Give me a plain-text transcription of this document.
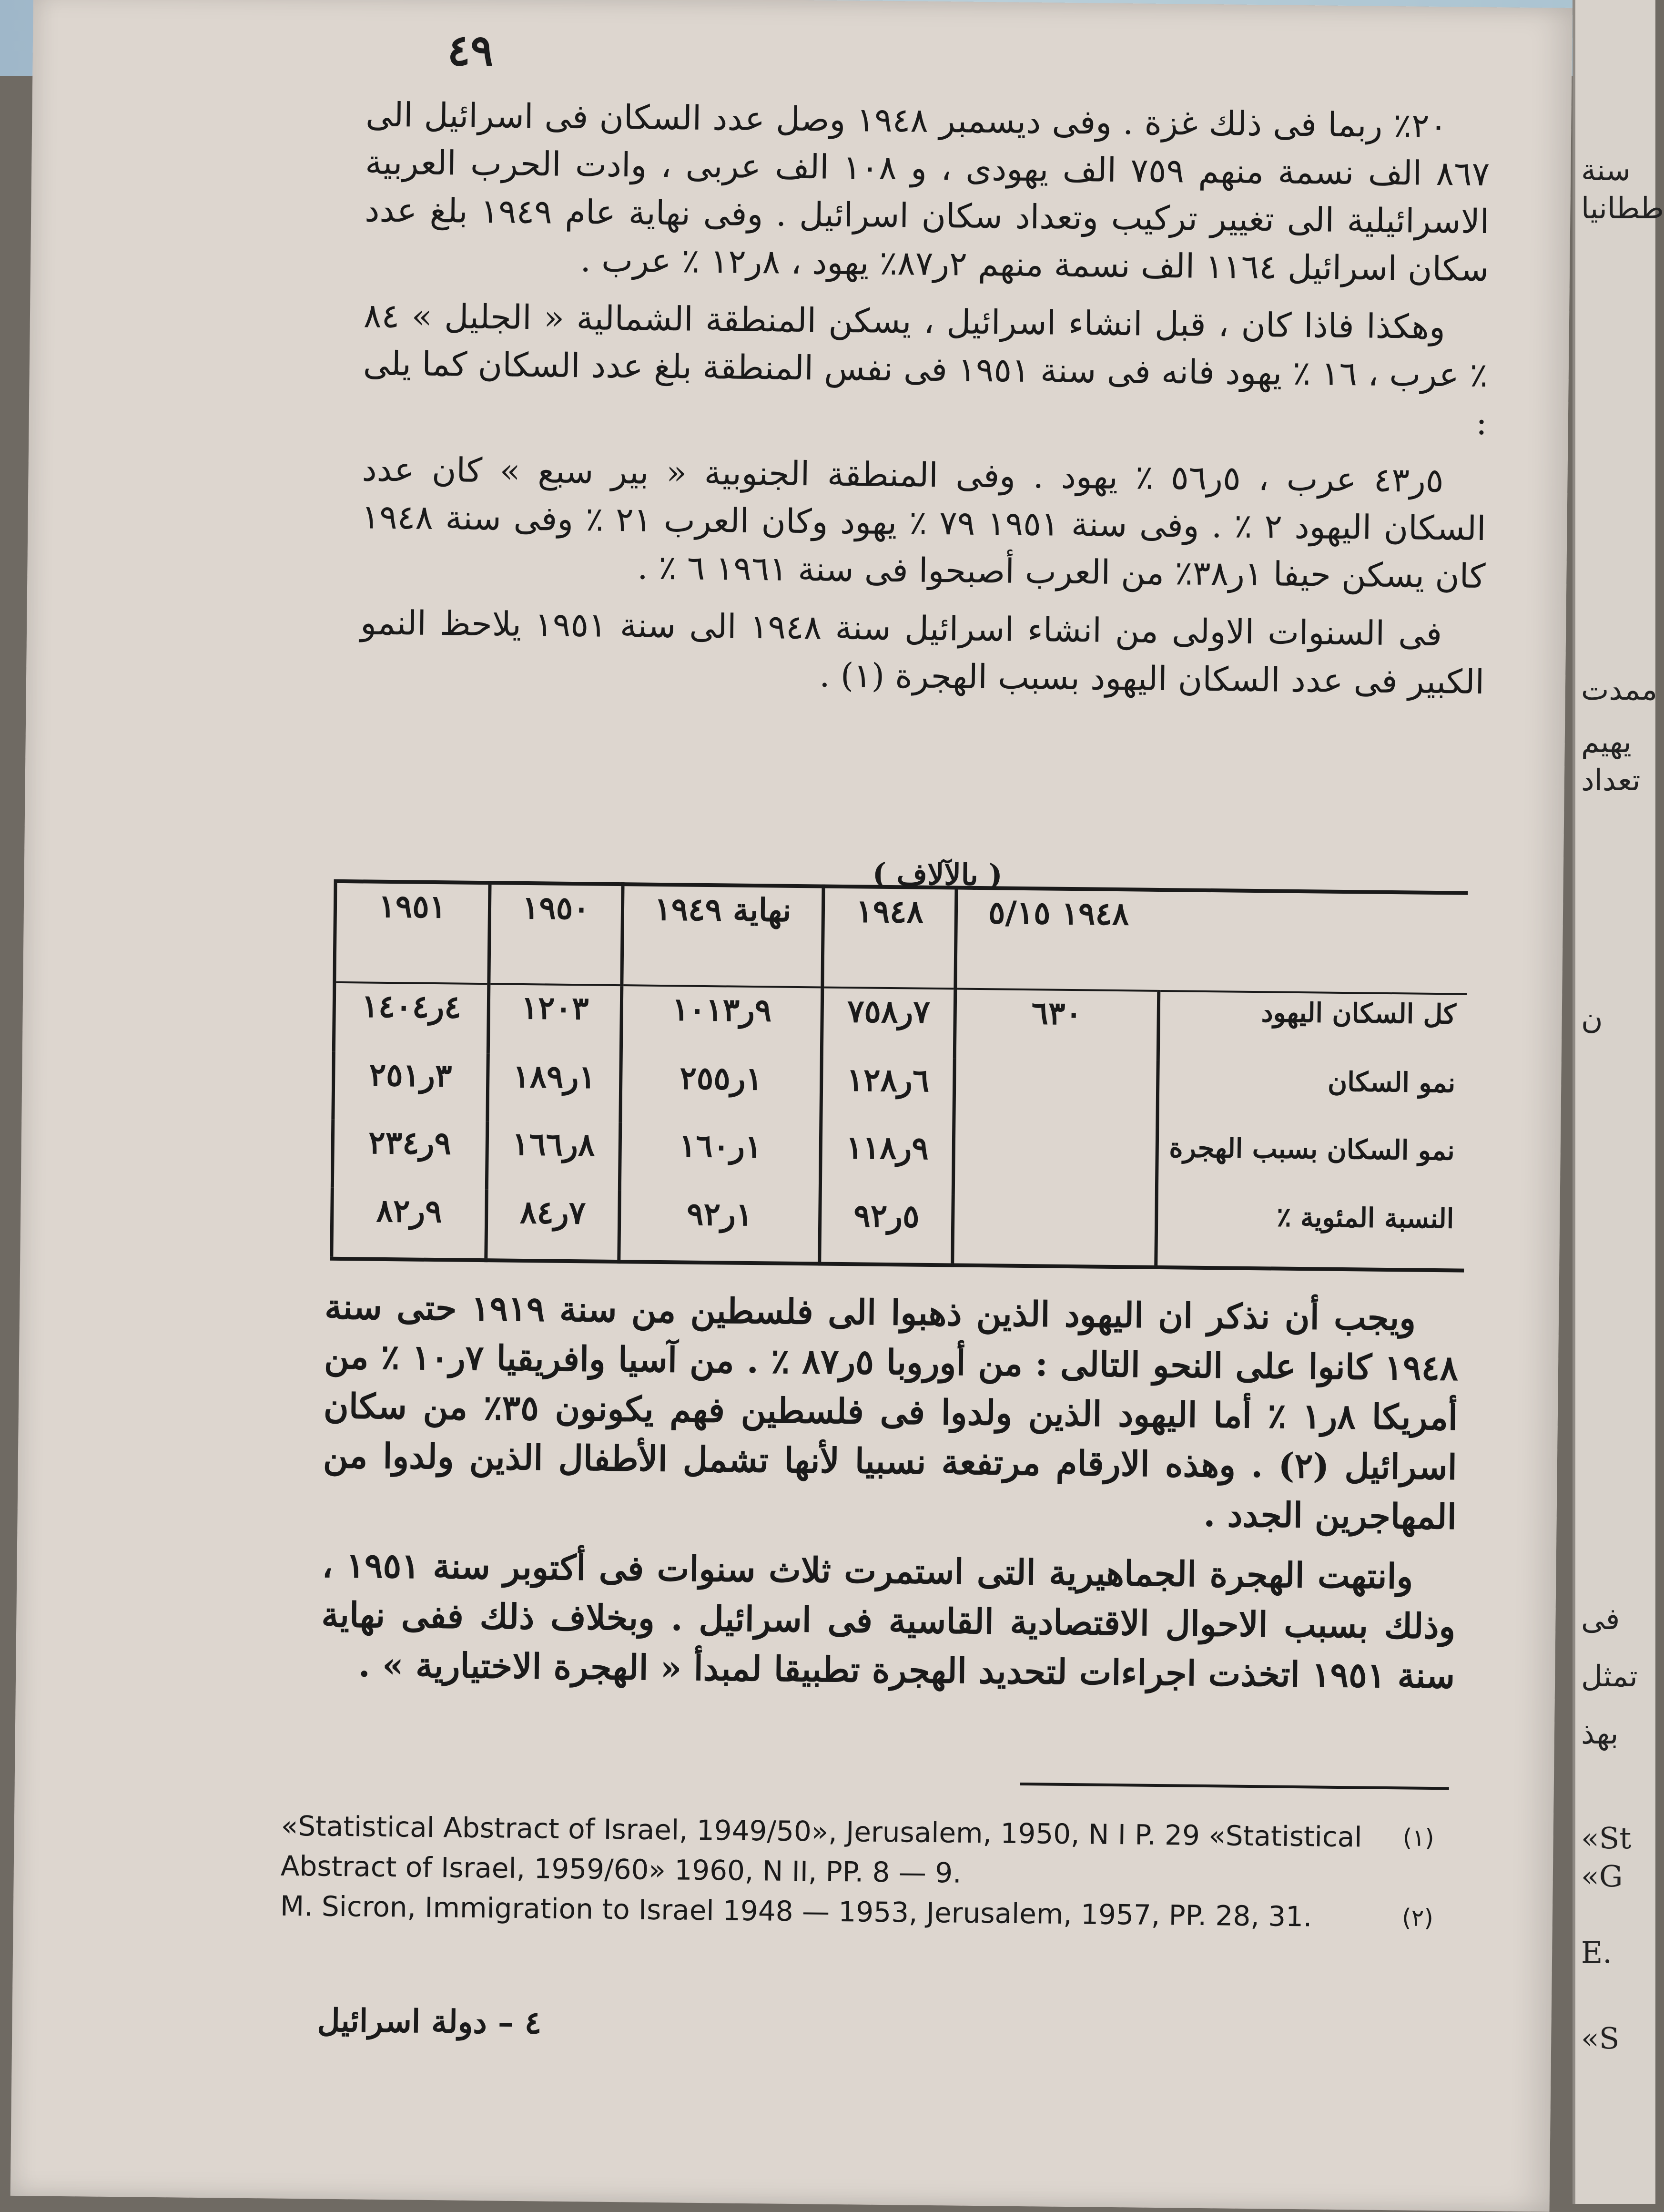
٤٩

٢٠٪ ربما فى ذلك غزة . وفى ديسمبر ١٩٤٨ وصل عدد السكان فى اسرائيل الى ٨٦٧ الف نسمة منهم ٧٥٩ الف يهودى ، و ١٠٨ الف عربى ، وادت الحرب العربية الاسرائيلية الى تغيير تركيب وتعداد سكان اسرائيل . وفى نهاية عام ١٩٤٩ بلغ عدد سكان اسرائيل ١١٦٤ الف نسمة منهم ٢ر٨٧٪ يهود ، ٨ر١٢ ٪ عرب .

وهكذا فاذا كان ، قبل انشاء اسرائيل ، يسكن المنطقة الشمالية « الجليل » ٨٤ ٪ عرب ، ١٦ ٪ يهود فانه فى سنة ١٩٥١ فى نفس المنطقة بلغ عدد السكان كما يلى :

٥ر٤٣ عرب ، ٥ر٥٦ ٪ يهود . وفى المنطقة الجنوبية « بير سبع » كان عدد السكان اليهود ٢ ٪ . وفى سنة ١٩٥١ ٧٩ ٪ يهود وكان العرب ٢١ ٪ وفى سنة ١٩٤٨ كان يسكن حيفا ١ر٣٨٪ من العرب أصبحوا فى سنة ١٩٦١ ٦ ٪ .

فى السنوات الاولى من انشاء اسرائيل سنة ١٩٤٨ الى سنة ١٩٥١ يلاحظ النمو الكبير فى عدد السكان اليهود بسبب الهجرة (١) .

( بالآلاف )
	١٩٤٨ ٥/١٥	١٩٤٨	نهاية ١٩٤٩	١٩٥٠	١٩٥١
كل السكان اليهود	٦٣٠	٧ر٧٥٨	٩ر١٠١٣	١٢٠٣	٤ر١٤٠٤
نمو السكان		٦ر١٢٨	١ر٢٥٥	١ر١٨٩	٣ر٢٥١
نمو السكان بسبب الهجرة		٩ر١١٨	١ر١٦٠	٨ر١٦٦	٩ر٢٣٤
النسبة المئوية ٪		٥ر٩٢	١ر٩٢	٧ر٨٤	٩ر٨٢

ويجب أن نذكر ان اليهود الذين ذهبوا الى فلسطين من سنة ١٩١٩ حتى سنة ١٩٤٨ كانوا على النحو التالى : من أوروبا ٥ر٨٧ ٪ . من آسيا وافريقيا ٧ر١٠ ٪ من أمريكا ٨ر١ ٪ أما اليهود الذين ولدوا فى فلسطين فهم يكونون ٣٥٪ من سكان اسرائيل (٢) . وهذه الارقام مرتفعة نسبيا لأنها تشمل الأطفال الذين ولدوا من المهاجرين الجدد .

وانتهت الهجرة الجماهيرية التى استمرت ثلاث سنوات فى أكتوبر سنة ١٩٥١ ، وذلك بسبب الاحوال الاقتصادية القاسية فى اسرائيل . وبخلاف ذلك ففى نهاية سنة ١٩٥١ اتخذت اجراءات لتحديد الهجرة تطبيقا لمبدأ « الهجرة الاختيارية » .

(١)
«Statistical Abstract of Israel, 1949/50», Jerusalem, 1950, N I P. 29 «Statistical Abstract of Israel, 1959/60» 1960, N II, PP. 8 — 9.
(٢)
M. Sicron, Immigration to Israel 1948 — 1953, Jerusalem, 1957, PP. 28, 31.
٤ – دولة اسرائيل
سنة
ططانيا
ممدت
يهيم
تعداد
ن
فى
تمثل
بهذ
«St
«G
E.
«S
